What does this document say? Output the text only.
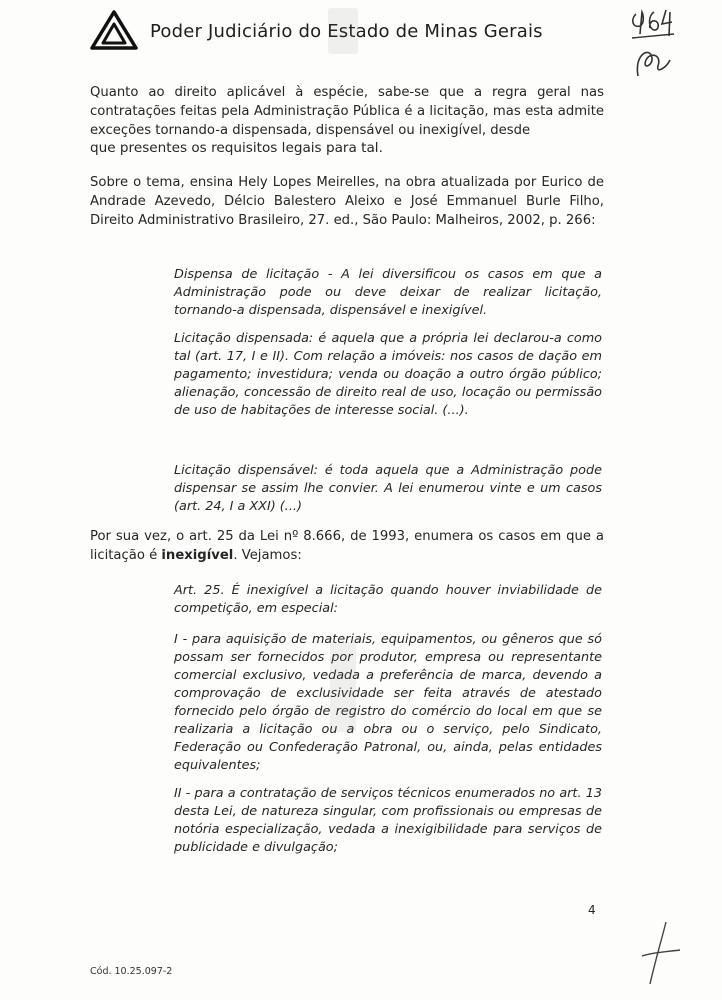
Poder Judiciário do Estado de Minas Gerais

Quanto ao direito aplicável à espécie, sabe-se que a regra geral nas contratações feitas pela Administração Pública é a licitação, mas esta admite exceções tornando-a dispensada, dispensável ou inexigível, desde

que presentes os requisitos legais para tal.

Sobre o tema, ensina Hely Lopes Meirelles, na obra atualizada por Eurico de Andrade Azevedo, Délcio Balestero Aleixo e José Emmanuel Burle Filho, Direito Administrativo Brasileiro, 27. ed., São Paulo: Malheiros, 2002, p. 266:

Dispensa de licitação - A lei diversificou os casos em que a Administração pode ou deve deixar de realizar licitação, tornando-a dispensada, dispensável e inexigível.

Licitação dispensada: é aquela que a própria lei declarou-a como tal (art. 17, I e II). Com relação a imóveis: nos casos de dação em pagamento; investidura; venda ou doação a outro órgão público; alienação, concessão de direito real de uso, locação ou permissão de uso de habitações de interesse social. (...).

Licitação dispensável: é toda aquela que a Administração pode dispensar se assim lhe convier. A lei enumerou vinte e um casos (art. 24, I a XXI) (...)

Por sua vez, o art. 25 da Lei nº 8.666, de 1993, enumera os casos em que a licitação é inexigível. Vejamos:

Art. 25. É inexigível a licitação quando houver inviabilidade de competição, em especial:

I - para aquisição de materiais, equipamentos, ou gêneros que só possam ser fornecidos por produtor, empresa ou representante comercial exclusivo, vedada a preferência de marca, devendo a comprovação de exclusividade ser feita através de atestado fornecido pelo órgão de registro do comércio do local em que se realizaria a licitação ou a obra ou o serviço, pelo Sindicato, Federação ou Confederação Patronal, ou, ainda, pelas entidades equivalentes;

II - para a contratação de serviços técnicos enumerados no art. 13 desta Lei, de natureza singular, com profissionais ou empresas de notória especialização, vedada a inexigibilidade para serviços de publicidade e divulgação;

4
Cód. 10.25.097-2
